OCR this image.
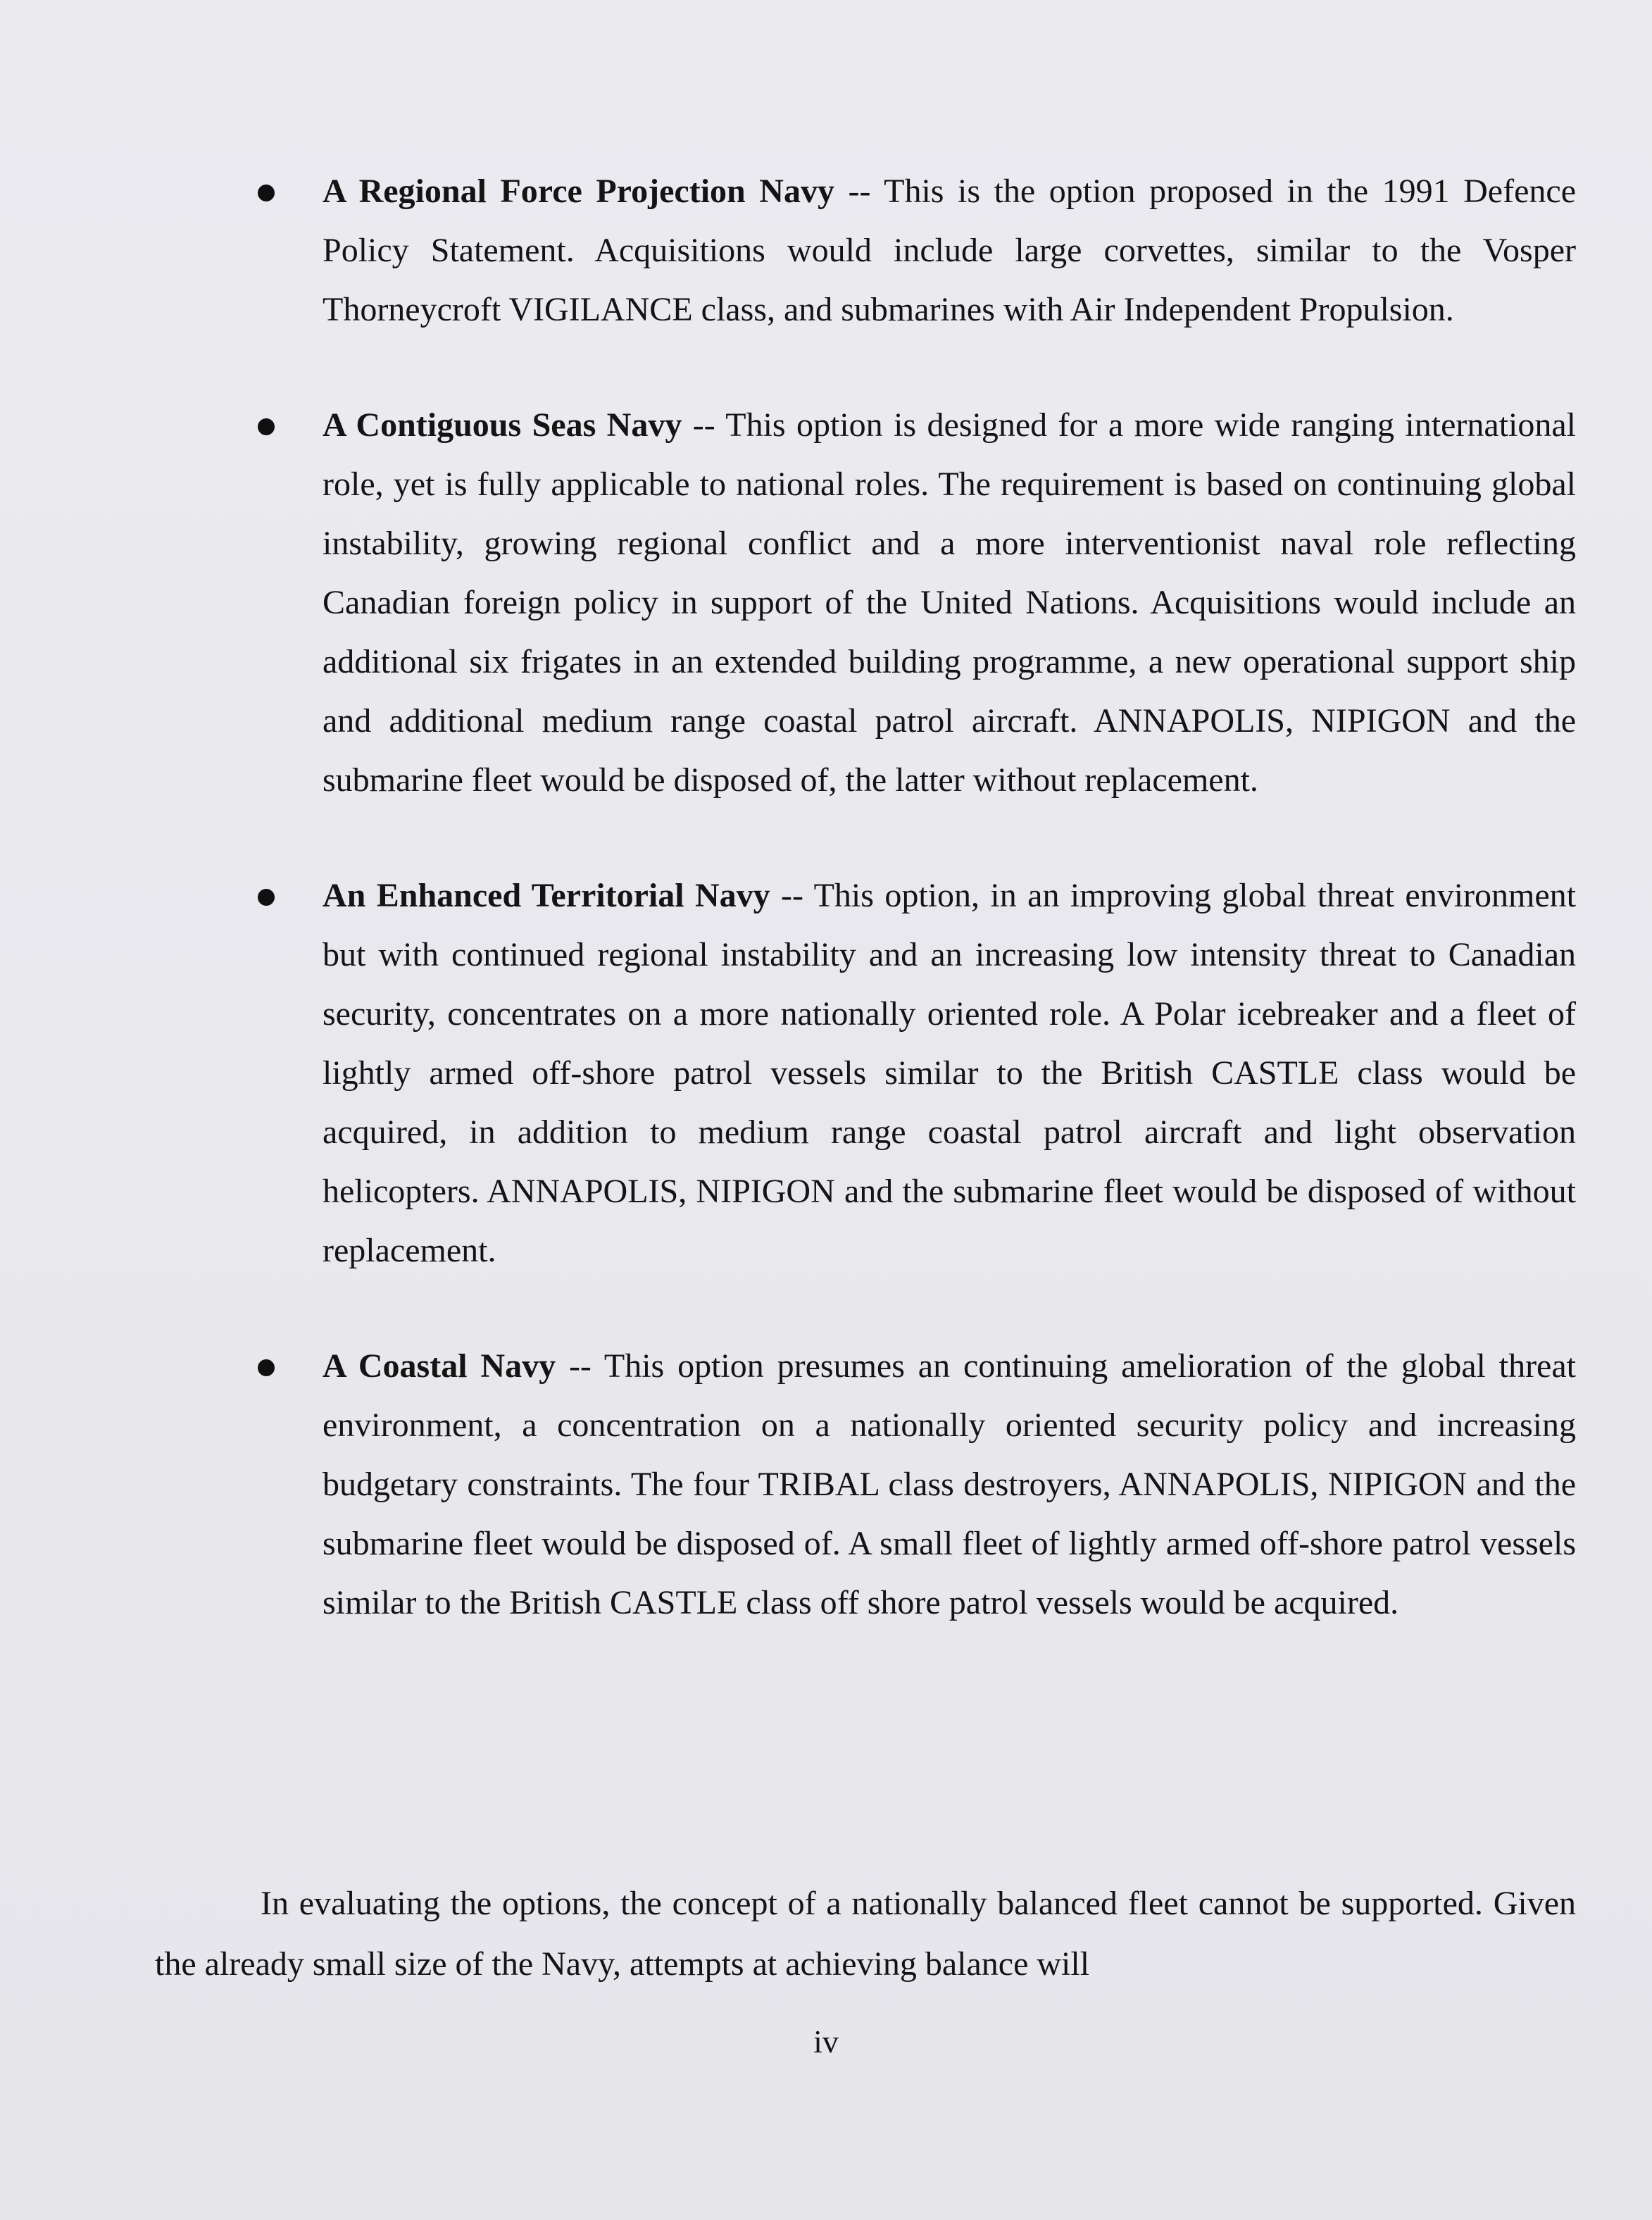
A Regional Force Projection Navy -- This is the option proposed in the 1991 Defence Policy Statement. Acquisitions would include large corvettes, similar to the Vosper Thorneycroft VIGILANCE class, and submarines with Air Independent Propulsion.
A Contiguous Seas Navy -- This option is designed for a more wide ranging international role, yet is fully applicable to national roles. The requirement is based on continuing global instability, growing regional conflict and a more interventionist naval role reflecting Canadian foreign policy in support of the United Nations. Acquisitions would include an additional six frigates in an extended building programme, a new operational support ship and additional medium range coastal patrol aircraft. ANNAPOLIS, NIPIGON and the submarine fleet would be disposed of, the latter without replacement.
An Enhanced Territorial Navy -- This option, in an improving global threat environment but with continued regional instability and an increasing low intensity threat to Canadian security, concentrates on a more nationally oriented role. A Polar icebreaker and a fleet of lightly armed off-shore patrol vessels similar to the British CASTLE class would be acquired, in addition to medium range coastal patrol aircraft and light observation helicopters. ANNAPOLIS, NIPIGON and the submarine fleet would be disposed of without replacement.
A Coastal Navy -- This option presumes an continuing amelioration of the global threat environment, a concentration on a nationally oriented security policy and increasing budgetary constraints. The four TRIBAL class destroyers, ANNAPOLIS, NIPIGON and the submarine fleet would be disposed of. A small fleet of lightly armed off-shore patrol vessels similar to the British CASTLE class off shore patrol vessels would be acquired.

In evaluating the options, the concept of a nationally balanced fleet cannot be supported. Given the already small size of the Navy, attempts at achieving balance will

iv
